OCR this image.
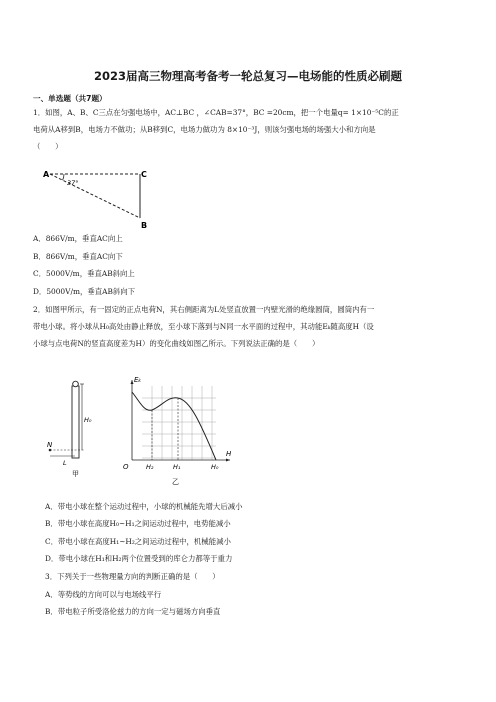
2023届高三物理高考备考一轮总复习—电场能的性质必刷题
一、单选题（共7题）
1．如图，A、B、C三点在匀强电场中，AC⊥BC ，∠CAB=37°，BC =20cm，把一个电量q= 1×10⁻⁵C的正
电荷从A移到B，电场力不做功；从B移到C，电场力做功为 8×10⁻³J，则该匀强电场的场强大小和方向是
（　　）
A	C
B
37°
A．866V/m，垂直AC向上
B．866V/m，垂直AC向下
C．5000V/m，垂直AB斜向上
D．5000V/m，垂直AB斜向下
2．如图甲所示，有一固定的正点电荷N，其右侧距离为L处竖直放置一内壁光滑的绝缘圆筒，圆筒内有一
带电小球。将小球从H₀高处由静止释放，至小球下落到与N同一水平面的过程中，其动能Eₖ随高度H（设
小球与点电荷N的竖直高度差为H）的变化曲线如图乙所示。下列说法正确的是（　　）
H₀
N
L
甲
Eₖ
H
O	H₂	H₁	H₀
乙
A．带电小球在整个运动过程中，小球的机械能先增大后减小
B．带电小球在高度H₀~H₁之间运动过程中，电势能减小
C．带电小球在高度H₁~H₂之间运动过程中，机械能减小
D．带电小球在H₁和H₂两个位置受到的库仑力都等于重力
3．下列关于一些物理量方向的判断正确的是（　　）
A．等势线的方向可以与电场线平行
B．带电粒子所受洛伦兹力的方向一定与磁场方向垂直
